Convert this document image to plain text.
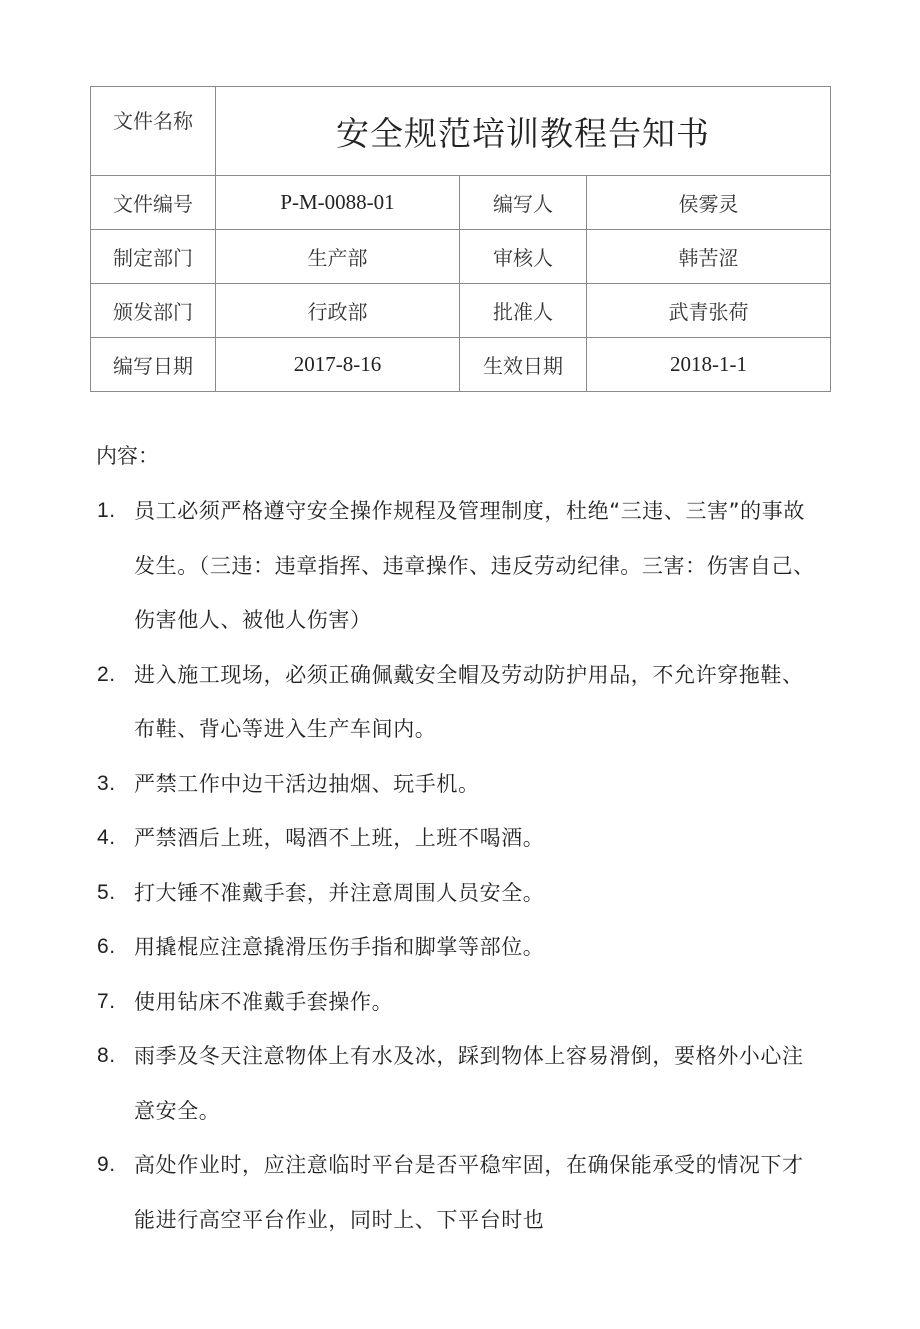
文件名称	安全规范培训教程告知书		
文件编号	P-M-0088-01	编写人	侯雾灵
制定部门	生产部	审核人	韩苦涩
颁发部门	行政部	批准人	武青张荷
编写日期	2017-8-16	生效日期	2018-1-1
内容：
1. 员工必须严格遵守安全操作规程及管理制度，杜绝“三违、三害”的事故发生。（三违：违章指挥、违章操作、违反劳动纪律。三害：伤害自己、伤害他人、被他人伤害）
2. 进入施工现场，必须正确佩戴安全帽及劳动防护用品，不允许穿拖鞋、布鞋、背心等进入生产车间内。
3. 严禁工作中边干活边抽烟、玩手机。
4. 严禁酒后上班，喝酒不上班，上班不喝酒。
5. 打大锤不准戴手套，并注意周围人员安全。
6. 用撬棍应注意撬滑压伤手指和脚掌等部位。
7. 使用钻床不准戴手套操作。
8. 雨季及冬天注意物体上有水及冰，踩到物体上容易滑倒，要格外小心注意安全。
9. 高处作业时，应注意临时平台是否平稳牢固，在确保能承受的情况下才能进行高空平台作业，同时上、下平台时也
